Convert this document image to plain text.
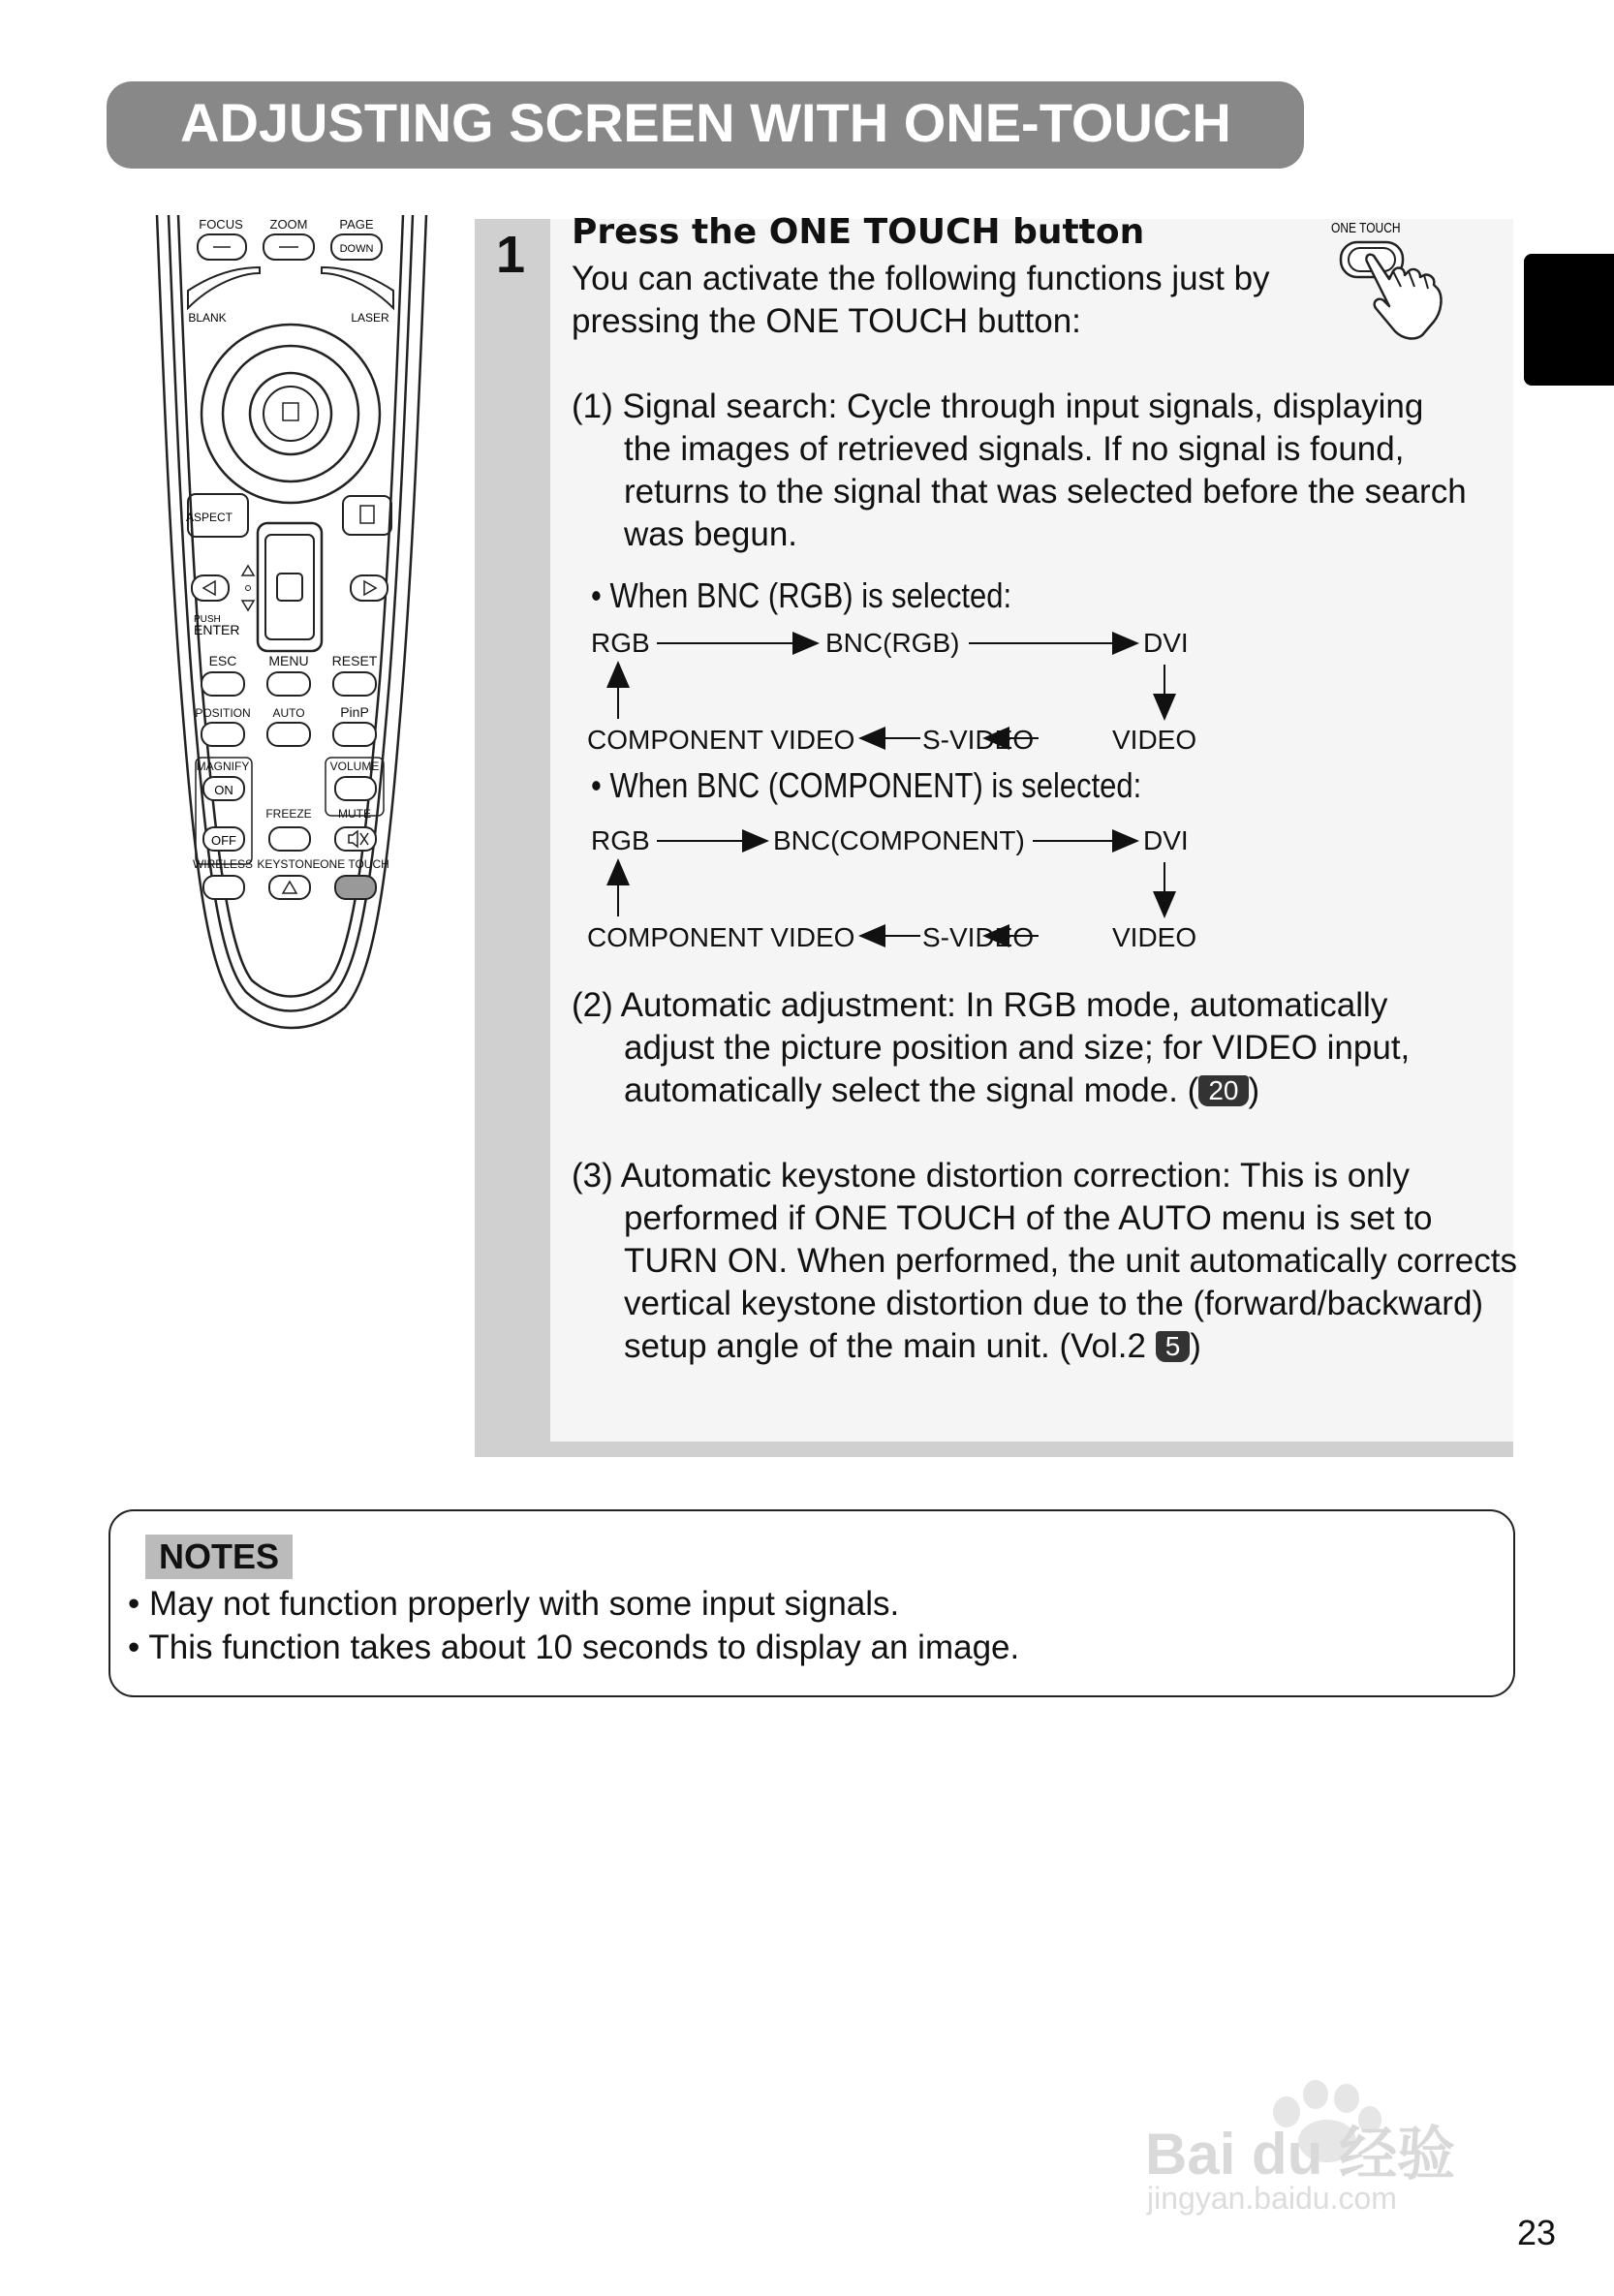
ADJUSTING SCREEN WITH ONE-TOUCH
FOCUS ZOOM	PAGE
DOWN
BLANK	LASER
ASPECT
PUSH
ENTER
ESC MENU RESET
POSITION AUTO	PinP
MAGNIFY	VOLUME
FREEZE MUTE
WIRELESS KEYSTONE ONE TOUCH
ON
OFF
1 Press the ONE TOUCH button
You can activate the following functions just by
pressing the ONE TOUCH button:
ONE TOUCH
(1) Signal search: Cycle through input signals, displaying
the images of retrieved signals. If no signal is found,
returns to the signal that was selected before the search
was begun.
• When BNC (RGB) is selected:
RGB	BNC(RGB)	DVI
COMPONENT VIDEO S-VIDEO	VIDEO
• When BNC (COMPONENT) is selected:
RGB	BNC(COMPONENT)	DVI
COMPONENT VIDEO S-VIDEO	VIDEO
(2) Automatic adjustment: In RGB mode, automatically
adjust the picture position and size; for VIDEO input,
automatically select the signal mode. ( 20 )
(3) Automatic keystone distortion correction: This is only
performed if ONE TOUCH of the AUTO menu is set to
TURN ON. When performed, the unit automatically corrects
vertical keystone distortion due to the (forward/backward)
setup angle of the main unit. (Vol.2 5 )
NOTES
• May not function properly with some input signals.
• This function takes about 10 seconds to display an image.
Bai du 经验
jingyan.baidu.com
23
